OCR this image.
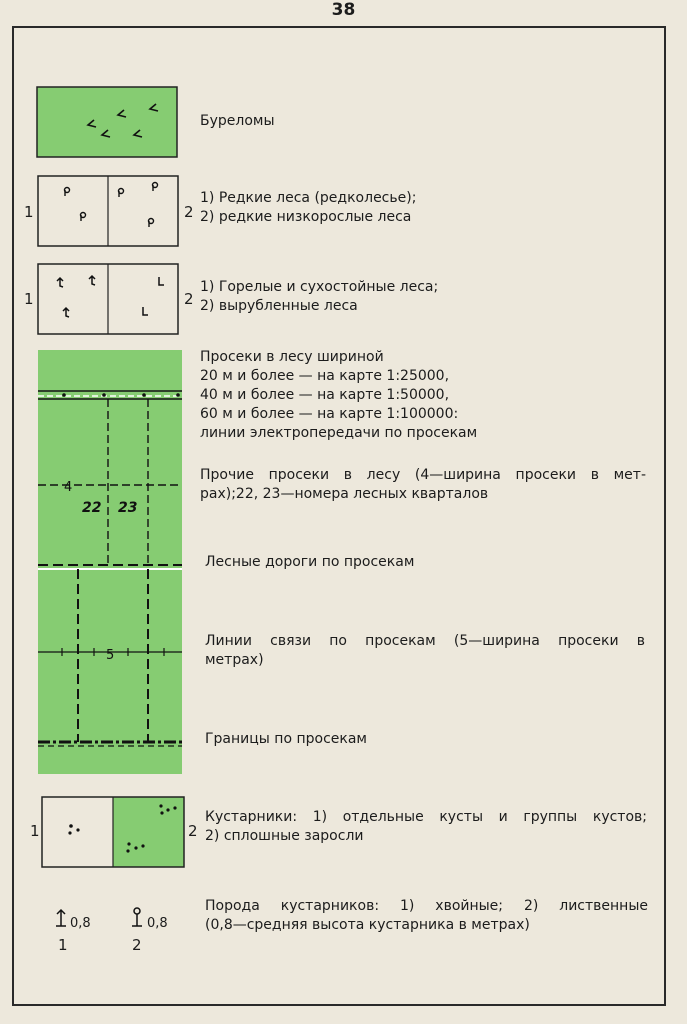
38

Буреломы

1	2
1) Редкие леса (редколесье);
2) редкие низкорослые леса
1	2
1) Горелые и сухостойные леса;
2) вырубленные леса
4
22 23
5
Просеки в лесу шириной
20 м и более — на карте 1:25000,
40 м и более — на карте 1:50000,
60 м и более — на карте 1:100000:
линии электропередачи по просекам
Прочие просеки в лесу (4—ширина просеки в мет-
рах);22, 23—номера лесных кварталов

Лесные дороги по просекам

Линии связи по просекам (5—ширина просеки в
метрах)

Границы по просекам

1	2
Кустарники: 1) отдельные кусты и группы кустов;
2) сплошные заросли
0,8
1
0,8
2
Порода кустарников: 1) хвойные; 2) лиственные
(0,8—средняя высота кустарника в метрах)
